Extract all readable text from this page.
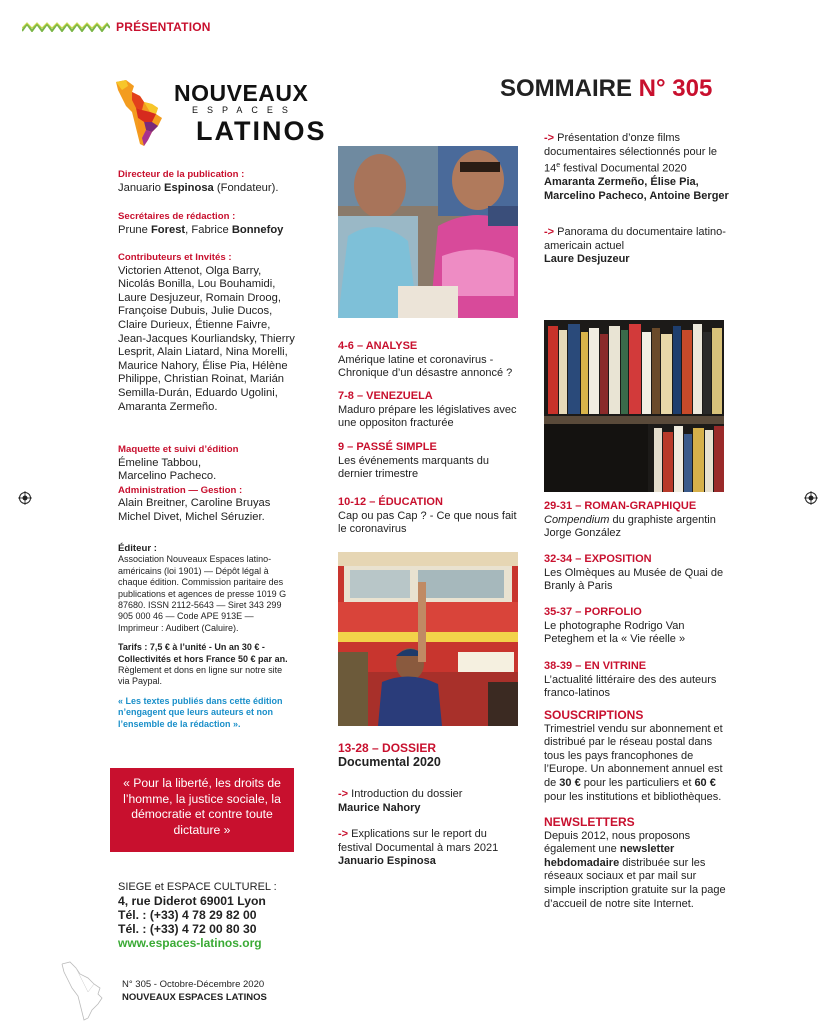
PRÉSENTATION
NOUVEAUX
ESPACES
LATINOS
SOMMAIRE N° 305
Directeur de la publication :
Januario Espinosa (Fondateur).
Secrétaires de rédaction :
Prune Forest, Fabrice Bonnefoy
Contributeurs et Invités :
Victorien Attenot, Olga Barry, Nicolás Bonilla, Lou Bouhamidi, Laure Desjuzeur, Romain Droog, Françoise Dubuis, Julie Ducos, Claire Durieux, Étienne Faivre, Jean-Jacques Kourliandsky, Thierry Lesprit, Alain Liatard, Nina Morelli, Maurice Nahory, Élise Pia, Hélène Philippe, Christian Roinat, Marián Semilla-Durán, Eduardo Ugolini, Amaranta Zermeño.
Maquette et suivi d’édition
Émeline Tabbou,
Marcelino Pacheco.
Administration — Gestion :
Alain Breitner, Caroline Bruyas
Michel Divet, Michel Séruzier.
Éditeur :
Association Nouveaux Espaces latino-américains (loi 1901) — Dépôt légal à chaque édition. Commission paritaire des publications et agences de presse 1019 G 87680. ISSN 2112-5643 — Siret 343 299 905 000 46 — Code APE 913E — Imprimeur : Audibert (Caluire).
Tarifs : 7,5 € à l’unité - Un an 30 € - Collectivités et hors France 50 € par an. Règlement et dons en ligne sur notre site via Paypal.
« Les textes publiés dans cette édition n’engagent que leurs auteurs et non l’ensemble de la rédaction ».
« Pour la liberté, les droits de l’homme, la justice sociale, la démocratie et contre toute dictature »
SIEGE et ESPACE CULTUREL :
4, rue Diderot 69001 Lyon
Tél. : (+33) 4 78 29 82 00
Tél. : (+33) 4 72 00 80 30
www.espaces-latinos.org
N° 305 - Octobre-Décembre 2020
NOUVEAUX ESPACES LATINOS
4-6 – ANALYSE
Amérique latine et coronavirus - Chronique d’un désastre annoncé ?
7-8 – VENEZUELA
Maduro prépare les législatives avec une oppositon fracturée
9 – PASSÉ SIMPLE
Les événements marquants du dernier trimestre
10-12 – ÉDUCATION
Cap ou pas Cap ? - Ce que nous fait le coronavirus
13-28 – DOSSIER
Documental 2020
-> Introduction du dossier
Maurice Nahory
-> Explications sur le report du festival Documental à mars 2021
Januario Espinosa
-> Présentation d’onze films documentaires sélectionnés pour le 14e festival Documental 2020
Amaranta Zermeño, Élise Pia, Marcelino Pacheco, Antoine Berger
-> Panorama du documentaire latino-americain actuel
Laure Desjuzeur
29-31 – ROMAN-GRAPHIQUE
Compendium du graphiste argentin Jorge González
32-34 – EXPOSITION
Les Olmèques au Musée de Quai de Branly à Paris
35-37 – PORFOLIO
Le photographe Rodrigo Van Peteghem et la « Vie réelle »
38-39 – EN VITRINE
L’actualité littéraire des des auteurs franco-latinos
SOUSCRIPTIONS
Trimestriel vendu sur abonnement et distribué par le réseau postal dans tous les pays francophones de l’Europe. Un abonnement annuel est de 30 € pour les particuliers et 60 € pour les institutions et bibliothèques.
NEWSLETTERS
Depuis 2012, nous proposons également une newsletter hebdomadaire distribuée sur les réseaux sociaux et par mail sur simple inscription gratuite sur la page d’accueil de notre site Internet.
